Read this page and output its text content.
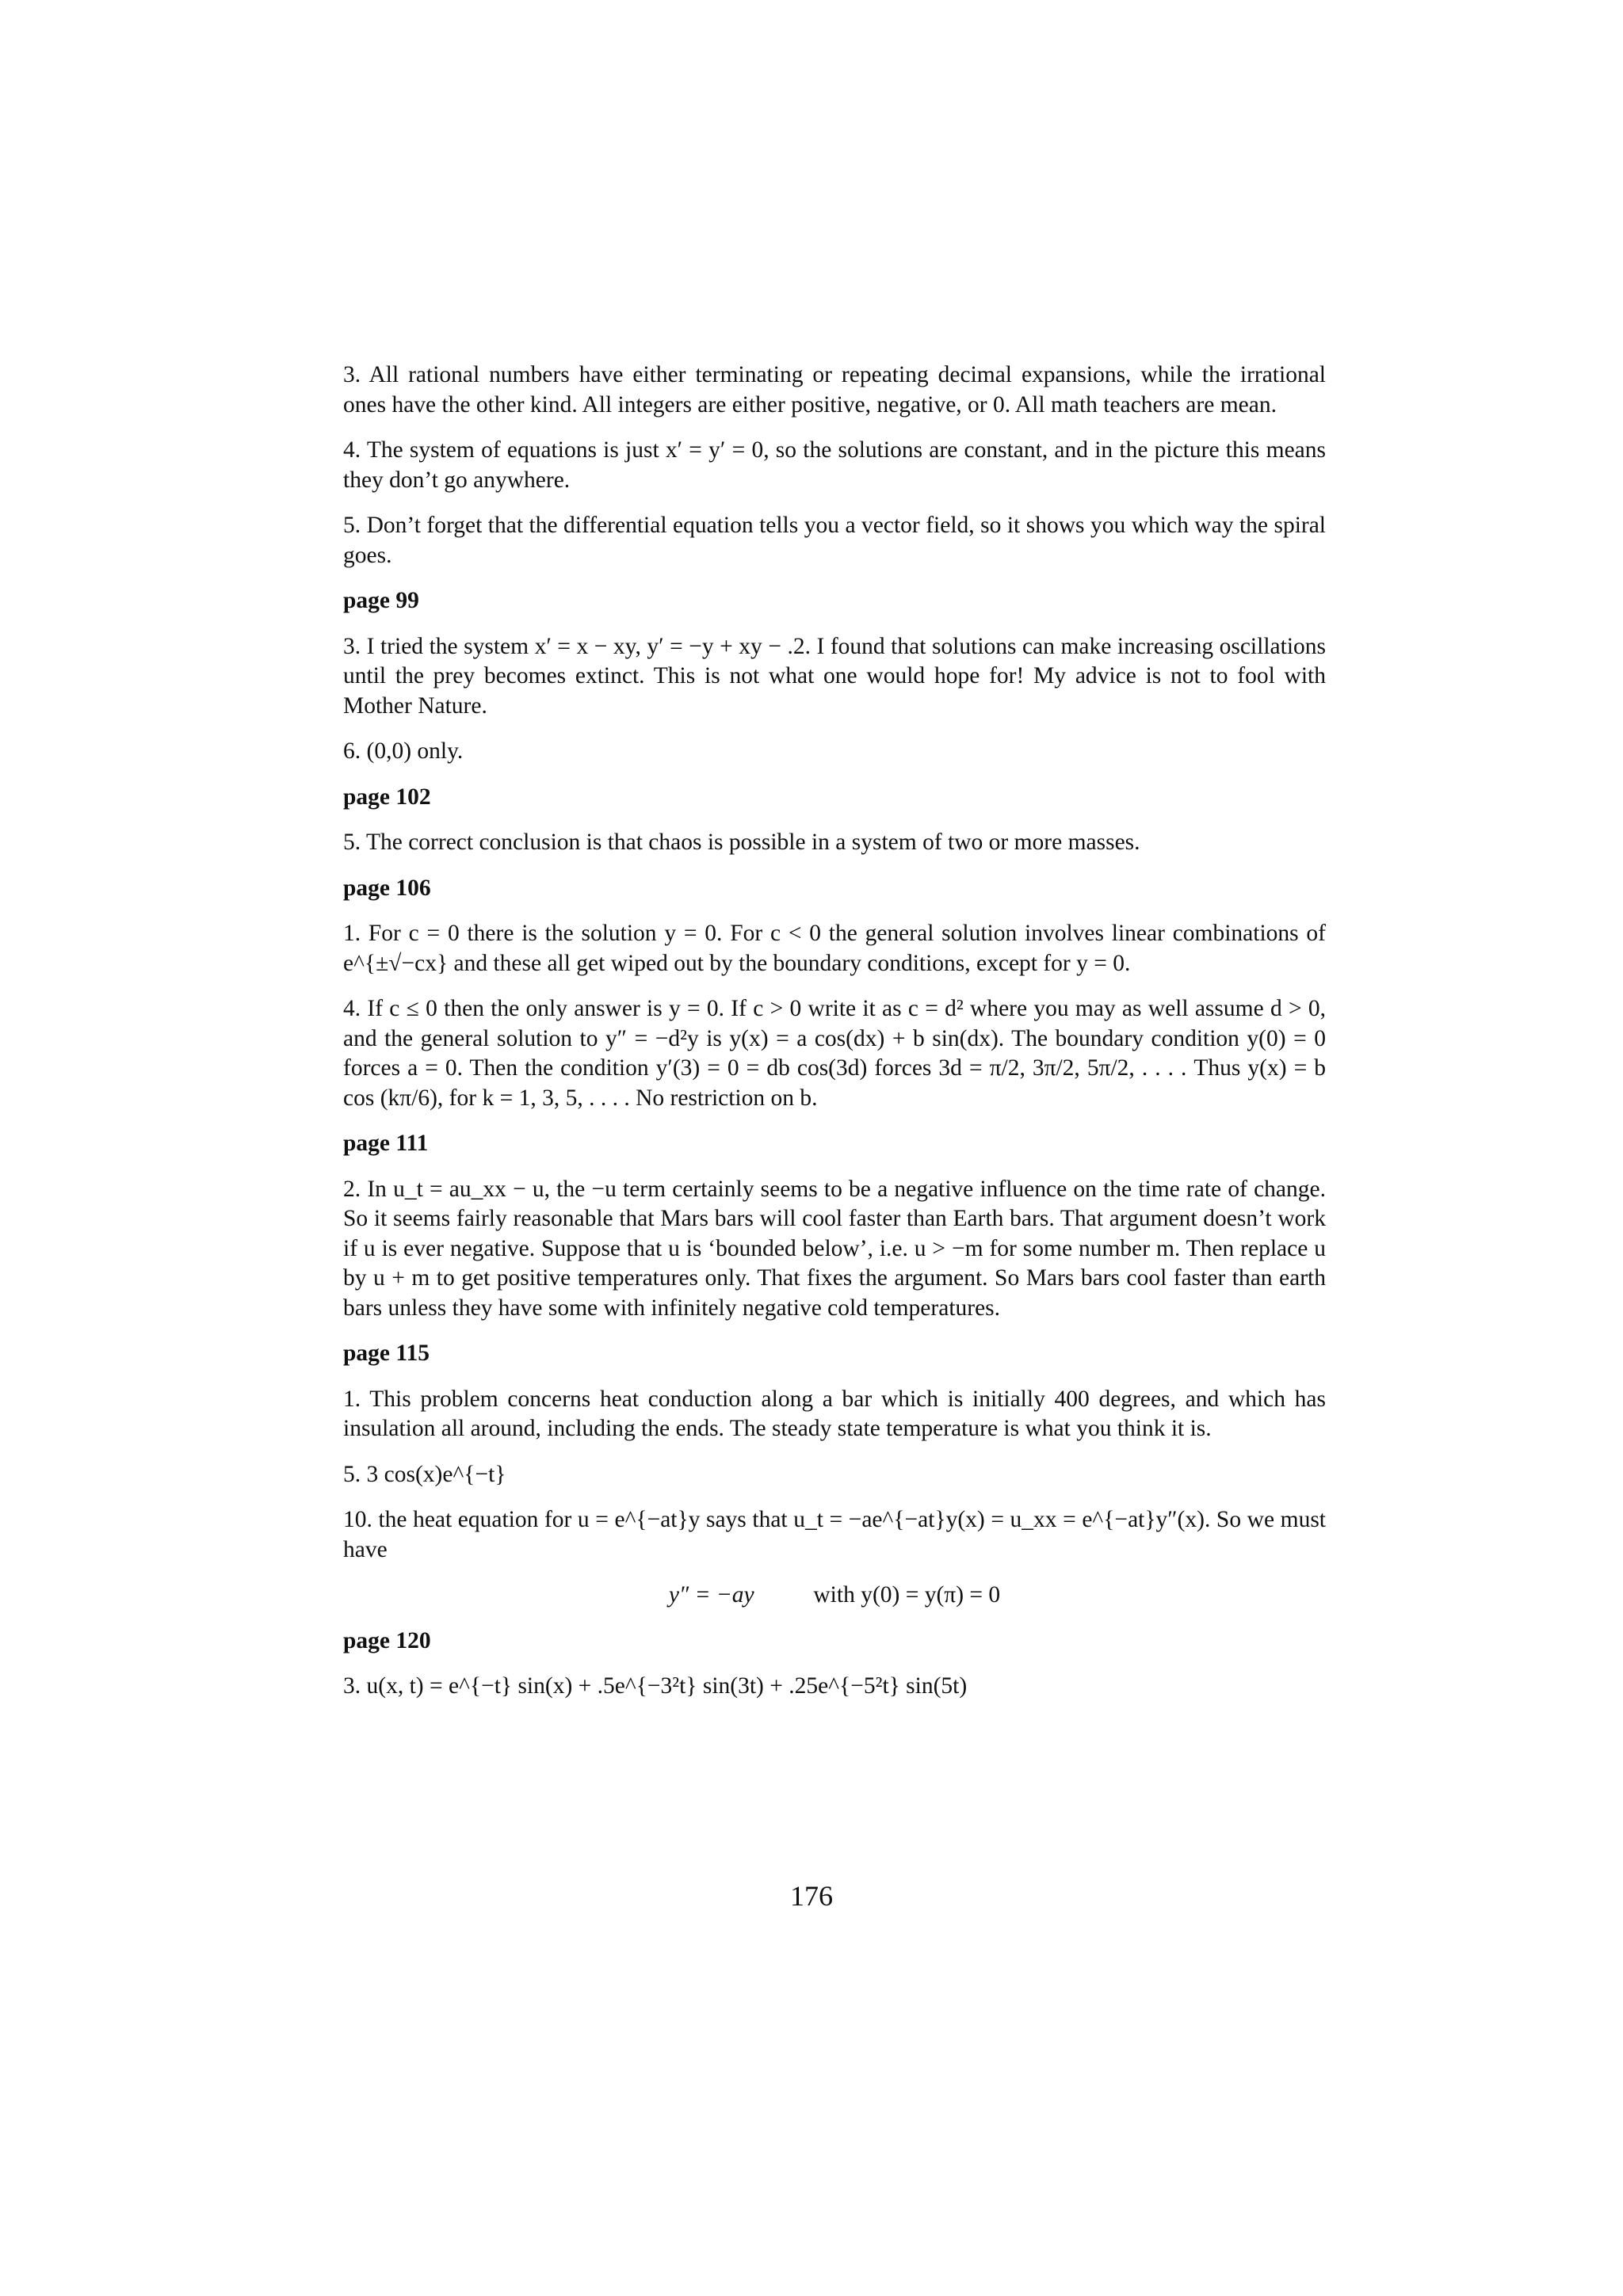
3. All rational numbers have either terminating or repeating decimal expansions, while the irrational ones have the other kind. All integers are either positive, negative, or 0. All math teachers are mean.

4. The system of equations is just x′ = y′ = 0, so the solutions are constant, and in the picture this means they don’t go anywhere.

5. Don’t forget that the differential equation tells you a vector field, so it shows you which way the spiral goes.

page 99

3. I tried the system x′ = x − xy, y′ = −y + xy − .2. I found that solutions can make increasing oscillations until the prey becomes extinct. This is not what one would hope for! My advice is not to fool with Mother Nature.

6. (0,0) only.

page 102

5. The correct conclusion is that chaos is possible in a system of two or more masses.

page 106

1. For c = 0 there is the solution y = 0. For c < 0 the general solution involves linear combinations of e^{±√−cx} and these all get wiped out by the boundary conditions, except for y = 0.

4. If c ≤ 0 then the only answer is y = 0. If c > 0 write it as c = d² where you may as well assume d > 0, and the general solution to y″ = −d²y is y(x) = a cos(dx) + b sin(dx). The boundary condition y(0) = 0 forces a = 0. Then the condition y′(3) = 0 = db cos(3d) forces 3d = π/2, 3π/2, 5π/2, . . . . Thus y(x) = b cos (kπ/6), for k = 1, 3, 5, . . . . No restriction on b.

page 111

2. In u_t = au_xx − u, the −u term certainly seems to be a negative influence on the time rate of change. So it seems fairly reasonable that Mars bars will cool faster than Earth bars. That argument doesn’t work if u is ever negative. Suppose that u is ‘bounded below’, i.e. u > −m for some number m. Then replace u by u + m to get positive temperatures only. That fixes the argument. So Mars bars cool faster than earth bars unless they have some with infinitely negative cold temperatures.

page 115

1. This problem concerns heat conduction along a bar which is initially 400 degrees, and which has insulation all around, including the ends. The steady state temperature is what you think it is.

5. 3 cos(x)e^{−t}

10. the heat equation for u = e^{−at}y says that u_t = −ae^{−at}y(x) = u_xx = e^{−at}y″(x). So we must have

y″ = −ay	with y(0) = y(π) = 0

page 120

3. u(x, t) = e^{−t} sin(x) + .5e^{−3²t} sin(3t) + .25e^{−5²t} sin(5t)

176
